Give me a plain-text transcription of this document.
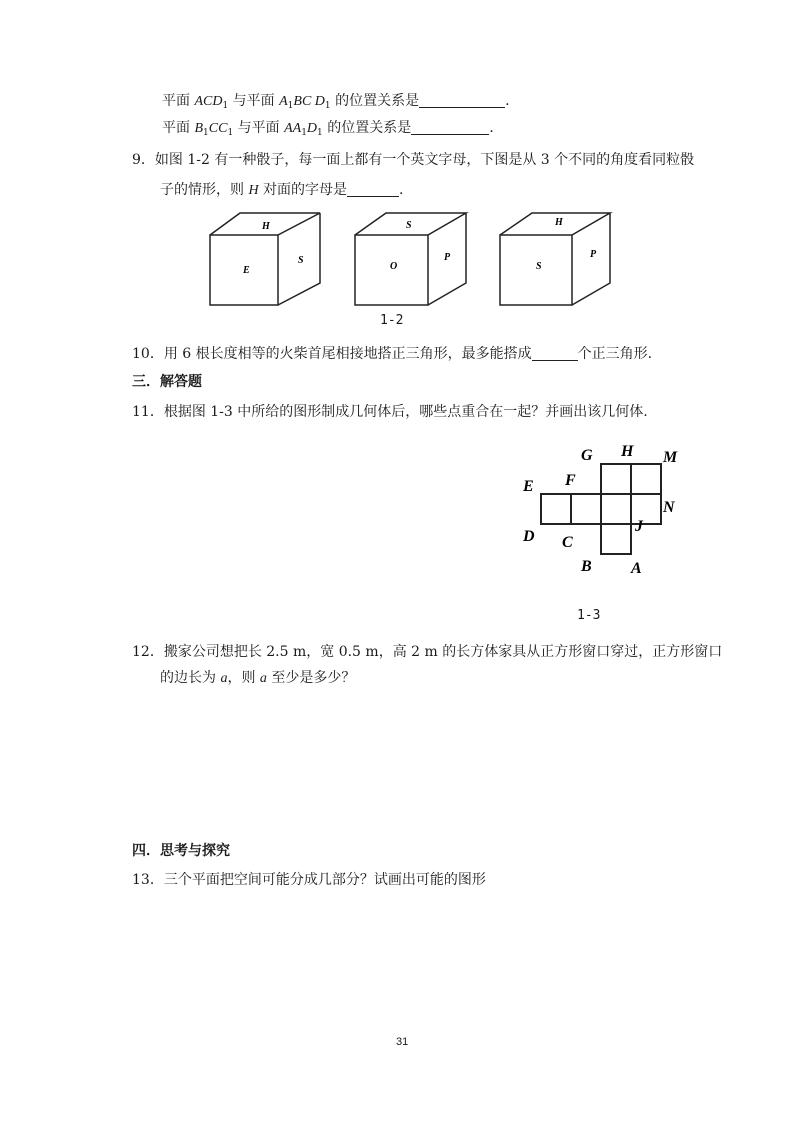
平面 $ACD_1$ 与平面 $A_1BC$ $D_1$ 的位置关系是	.
平面 $B_1CC_1$ 与平面 $AA_1D_1$ 的位置关系是	.
9．如图 1-2 有一种骰子，每一面上都有一个英文字母，下图是从 3 个不同的角度看同粒骰
子的情形，则 H 对面的字母是	.
H
E
S
S
O
P
H
S
P
1-2
10．用 6 根长度相等的火柴首尾相接地搭正三角形，最多能搭成	个正三角形.
三．解答题
11．根据图 1-3 中所给的图形制成几何体后，哪些点重合在一起？并画出该几何体.
G H M
E F
N
D C
J
B A
1-3
12．搬家公司想把长 2.5 m，宽 0.5 m，高 2 m 的长方体家具从正方形窗口穿过，正方形窗口
的边长为 a，则 a 至少是多少？
四．思考与探究
13．三个平面把空间可能分成几部分？试画出可能的图形
31
